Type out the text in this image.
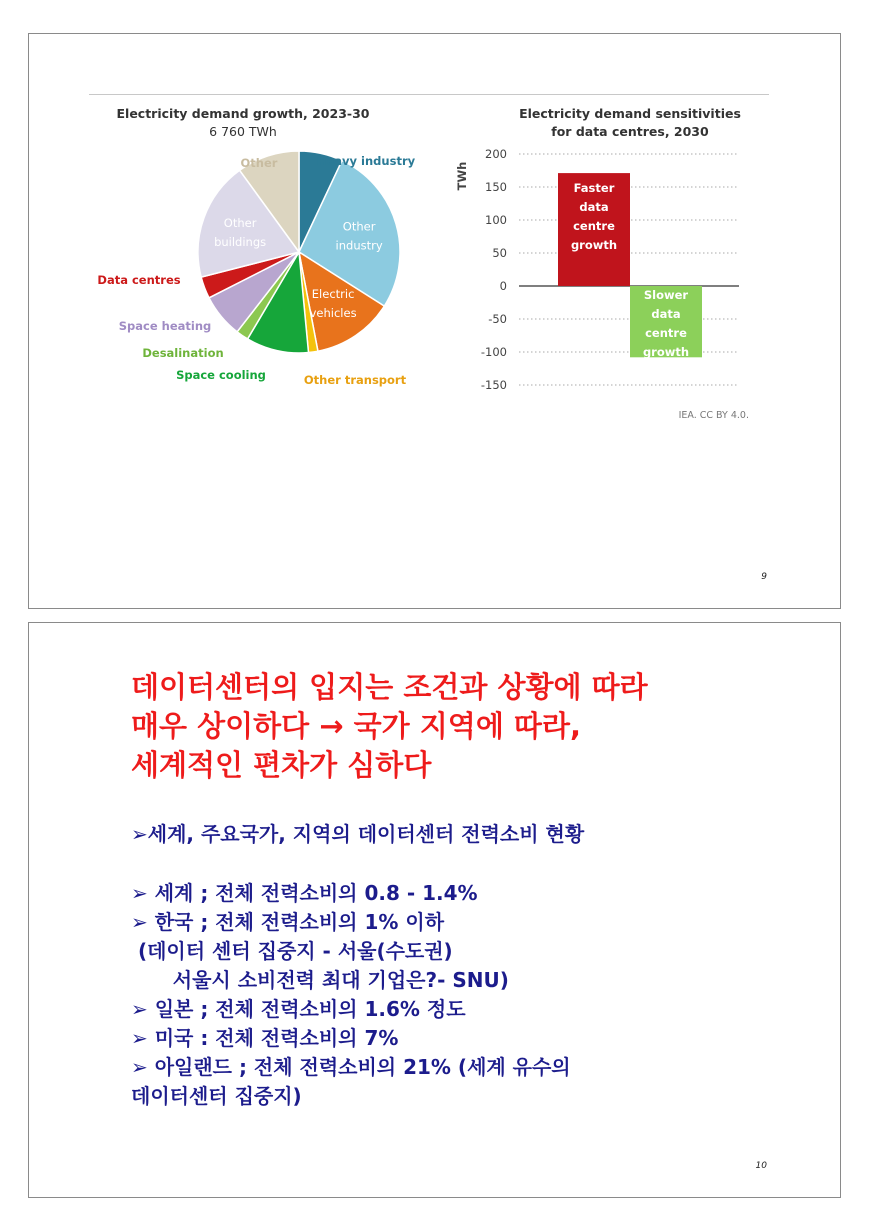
Electricity demand growth, 2023-30
6 760 TWh
Heavy industry
Other industry
Electric vehicles
Other transport
Space cooling
Desalination
Space heating
Data centres
Other buildings
Other
Electricity demand sensitivities
for data centres, 2030
TWh
200
150
100
50
0
-50
-100
-150
Faster data centre growth
Slower data centre growth
IEA. CC BY 4.0.
9
데이터센터의 입지는 조건과 상황에 따라
매우 상이하다 → 국가 지역에 따라,
세계적인 편차가 심하다
➢세계, 주요국가, 지역의 데이터센터 전력소비 현황
➢ 세계 ; 전체 전력소비의 0.8 - 1.4%
➢ 한국 ; 전체 전력소비의 1% 이하
(데이터 센터 집중지 - 서울(수도권)
서울시 소비전력 최대 기업은?- SNU)
➢ 일본 ; 전체 전력소비의 1.6% 정도
➢ 미국 : 전체 전력소비의 7%
➢ 아일랜드 ; 전체 전력소비의 21% (세계 유수의
데이터센터 집중지)
10
